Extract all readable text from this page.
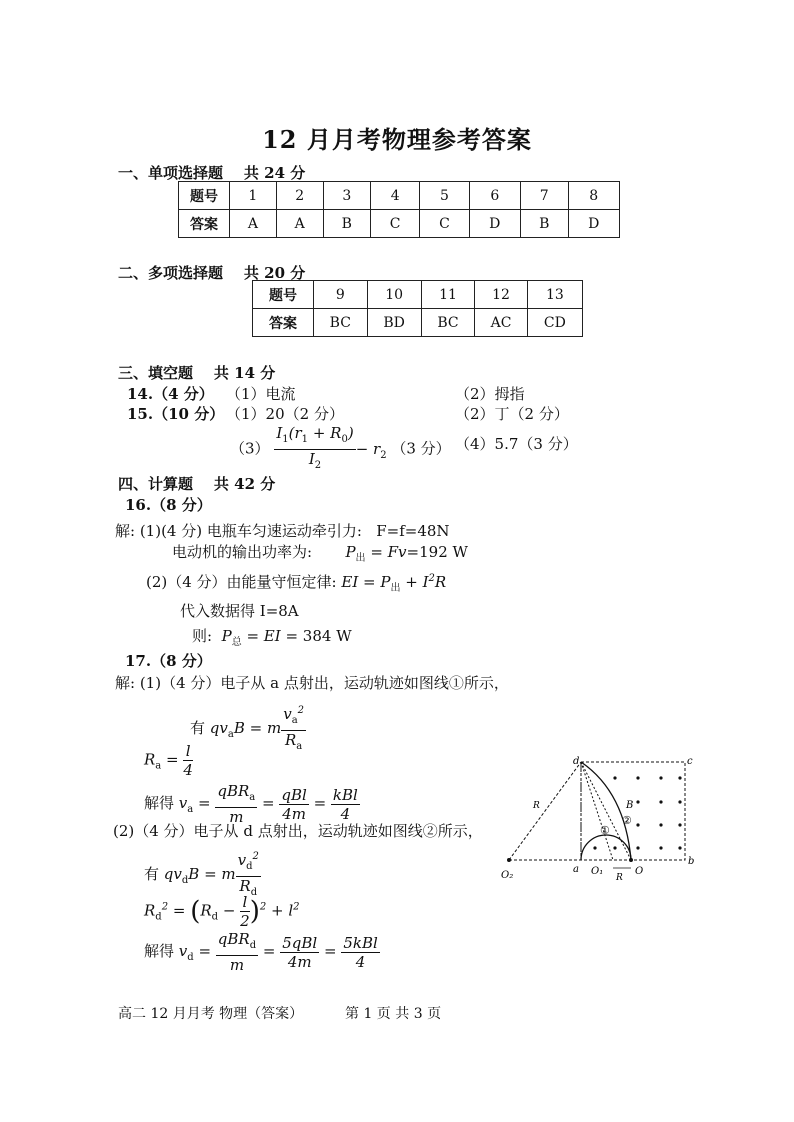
12 月月考物理参考答案
一、单项选择题 共 24 分
题号	1	2	3	4	5	6	7	8
答案	A	A	B	C	C	D	B	D
二、多项选择题 共 20 分
题号	9	10	11	12	13
答案	BC	BD	BC	AC	CD
三、填空题 共 14 分
14.（4 分） （1）电流	（2）拇指
15.（10 分） （1）20（2 分）	（2）丁（2 分）
$(3) \frac{I_1(r_1 + R_0)}{I_2} - r_2$ （3 分） （4）5.7（3 分）
四、计算题 共 42 分
16.（8 分）
解: (1)(4 分) 电瓶车匀速运动牵引力: F=f=48N
电动机的输出功率为: $P_出 = Fv=192$ W
(2)（4 分）由能量守恒定律: EI = $P_出 + I^2R$
代入数据得 I=8A
则: $P_总$ = EI = 384 W
17.（8 分）
解: (1)（4 分）电子从 a 点射出，运动轨迹如图线①所示，
有 $qv_aB = m \frac{v_a^2}{R_a}$
$R_a = \frac{l}{4}$
解得 $v_a = \frac{qBR_a}{m} = \frac{\text{qBl}}{4m} = \frac{\text{kBl}}{4}$
(2)（4 分）电子从 d 点射出，运动轨迹如图线②所示，
有 $qv_dB = m \frac{v_d^2}{R_d}$
$R_d^2 = (R_d - \frac{l}{2} )^2 + l^2$
解得 $v_d = \frac{qBR_d}{m} = \frac{\text{5qBl}}{4m} = \frac{\text{5kBl}}{4}$
d	c
a
b
O
O₁
O₂
R
R
B
①
②
高二 12 月月考 物理（答案）	第 1 页 共 3 页
